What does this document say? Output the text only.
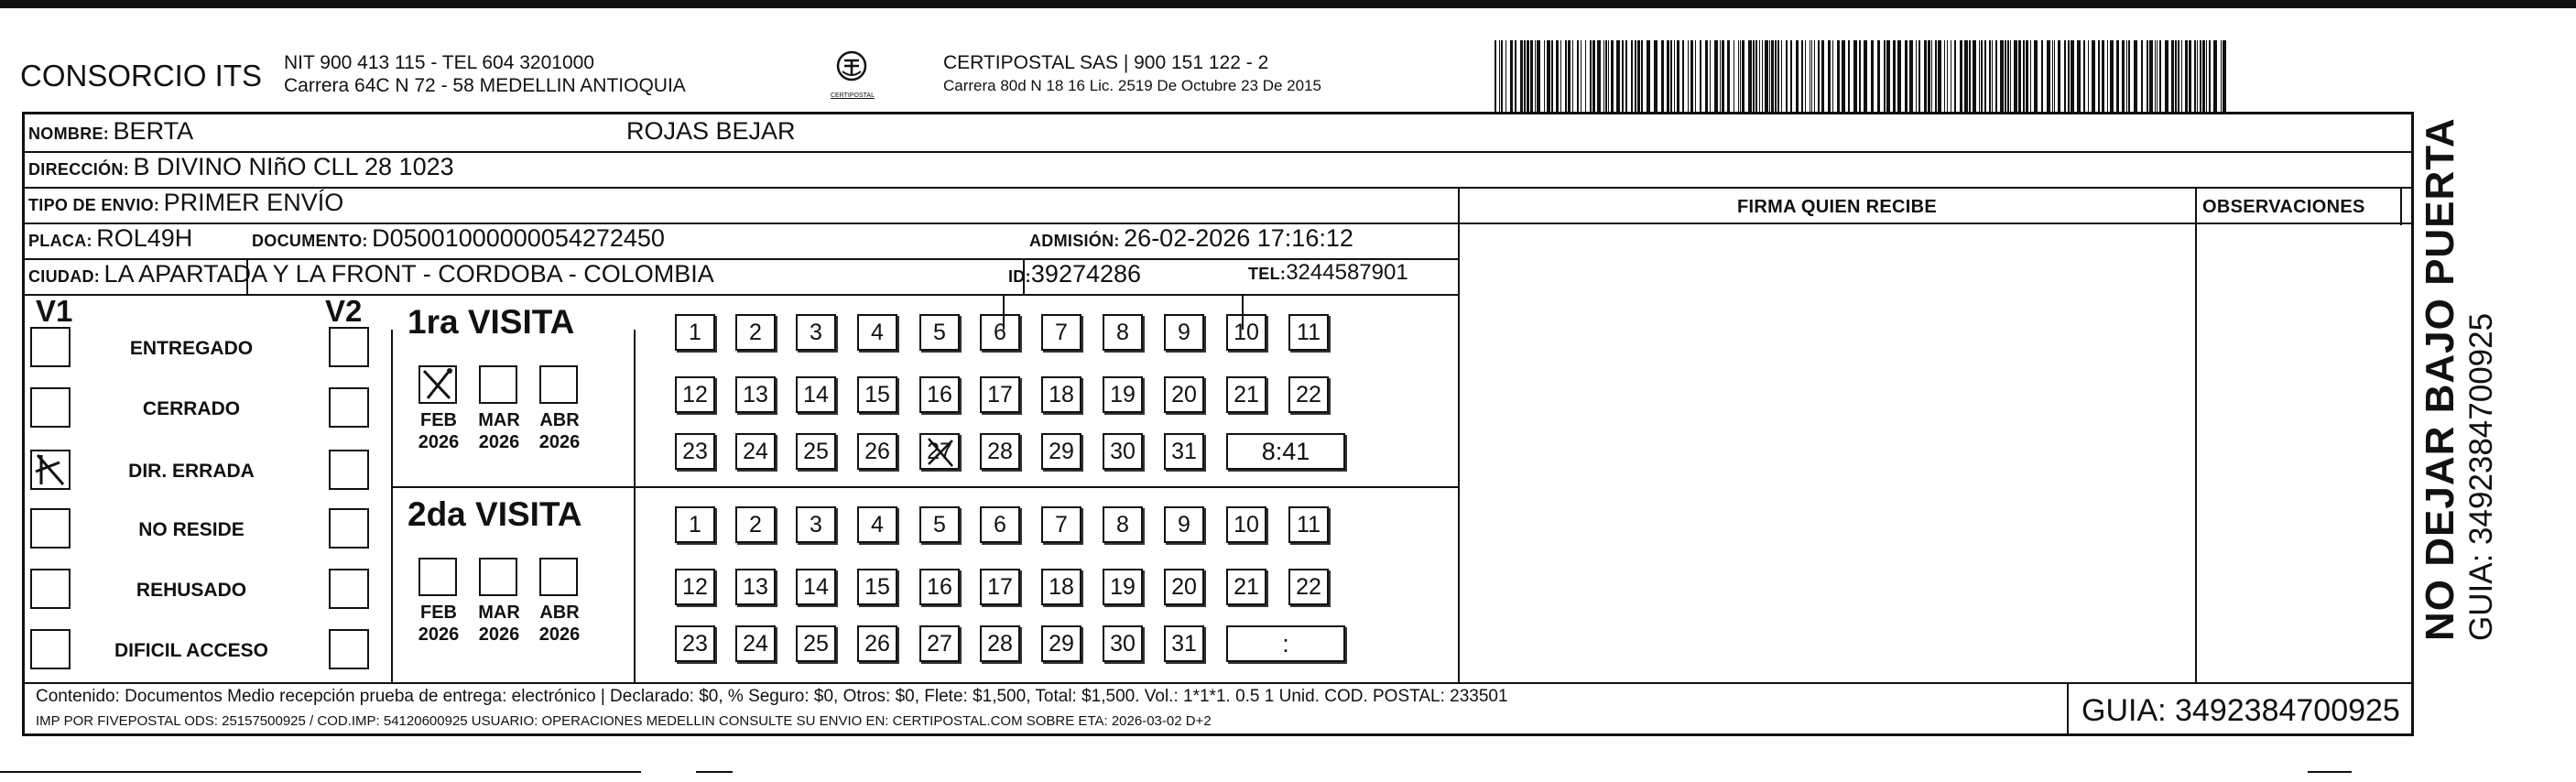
CONSORCIO ITS NIT 900 413 115 - TEL 604 3201000
Carrera 64C N 72 - 58 MEDELLIN ANTIOQUIA	CERTIPOSTAL
CERTIPOSTAL SAS | 900 151 122 - 2
Carrera 80d N 18 16 Lic. 2519 De Octubre 23 De 2015
NOMBRE: BERTA	ROJAS BEJAR
DIRECCIÓN: B DIVINO NIñO CLL 28 1023
TIPO DE ENVIO: PRIMER ENVÍO	FIRMA QUIEN RECIBE	OBSERVACIONES
PLACA: ROL49H	DOCUMENTO: D05001000000054272450	ADMISIÓN: 26-02-2026 17:16:12
CIUDAD: LA APARTADA Y LA FRONT - CORDOBA - COLOMBIA	ID:39274286	TEL:3244587901
V1	V2
ENTREGADO
CERRADO
DIR. ERRADA
NO RESIDE
REHUSADO
DIFICIL ACCESO
1ra VISITA
FEB
2026
MAR
2026
ABR
2026
1	2	3	4	5	6	7	8	9	10	11
12	13	14	15	16	17	18	19	20	21	22
23	24	25	26	27	28	29	30	31	8:41
2da VISITA
FEB
2026
MAR
2026
ABR
2026
1	2	3	4	5	6	7	8	9	10	11
12	13	14	15	16	17	18	19	20	21	22
23	24	25	26	27	28	29	30	31	:
Contenido: Documentos Medio recepción prueba de entrega: electrónico | Declarado: $0, % Seguro: $0, Otros: $0, Flete: $1,500, Total: $1,500. Vol.: 1*1*1. 0.5 1 Unid. COD. POSTAL: 233501
IMP POR FIVEPOSTAL ODS: 25157500925 / COD.IMP: 54120600925 USUARIO: OPERACIONES MEDELLIN CONSULTE SU ENVIO EN: CERTIPOSTAL.COM SOBRE ETA: 2026-03-02 D+2	GUIA: 3492384700925
NO DEJAR BAJO PUERTA GUIA: 3492384700925
